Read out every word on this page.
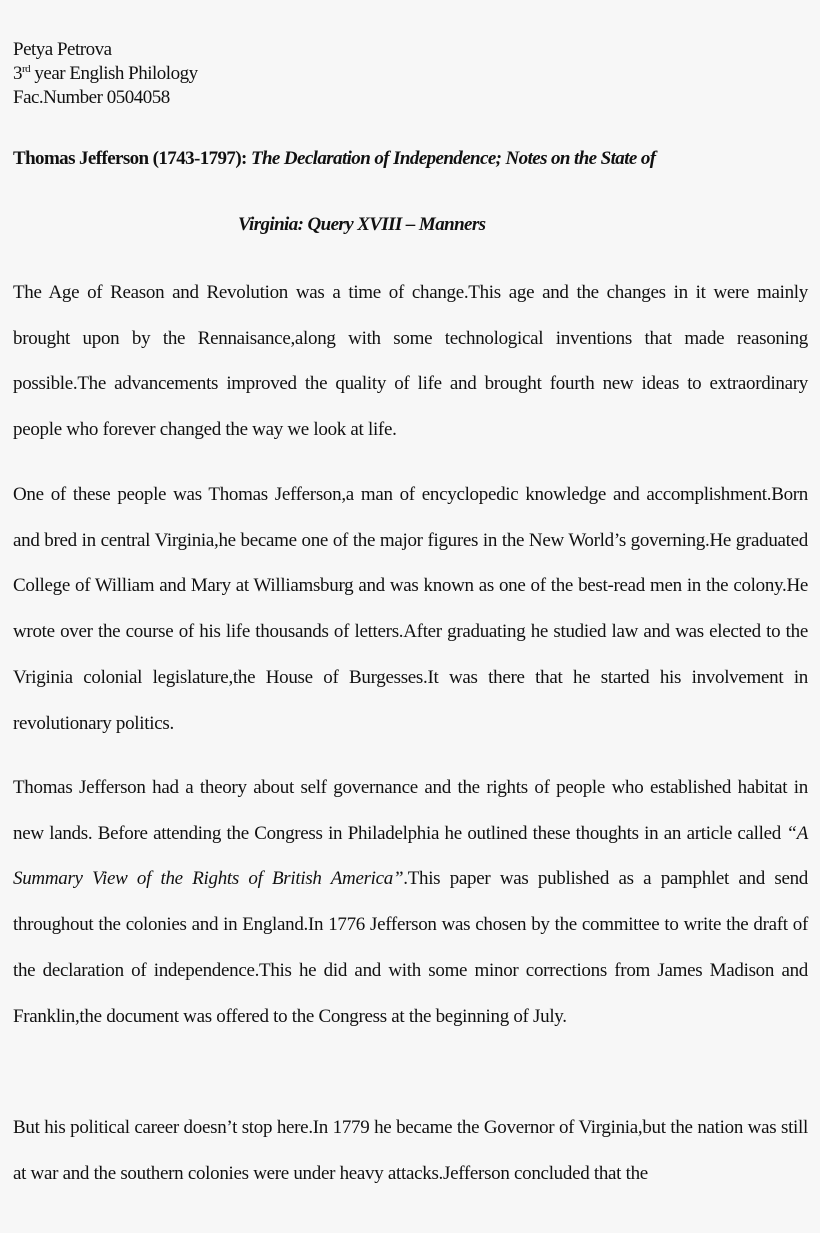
Petya Petrova
3rd year English Philology
Fac.Number 0504058
Thomas Jefferson (1743-1797): The Declaration of Independence; Notes on the State of
Virginia: Query XVIII – Manners

The Age of Reason and Revolution was a time of change.This age and the changes in it were mainly brought upon by the Rennaisance,along with some technological inventions that made reasoning possible.The advancements improved the quality of life and brought fourth new ideas to extraordinary people who forever changed the way we look at life.

One of these people was Thomas Jefferson,a man of encyclopedic knowledge and accomplishment.Born and bred in central Virginia,he became one of the major figures in the New World’s governing.He graduated College of William and Mary at Williamsburg and was known as one of the best-read men in the colony.He wrote over the course of his life thousands of letters.After graduating he studied law and was elected to the Vriginia colonial legislature,the House of Burgesses.It was there that he started his involvement in revolutionary politics.

Thomas Jefferson had a theory about self governance and the rights of people who established habitat in new lands. Before attending the Congress in Philadelphia he outlined these thoughts in an article called “A Summary View of the Rights of British America”.This paper was published as a pamphlet and send throughout the colonies and in England.In 1776 Jefferson was chosen by the committee to write the draft of the declaration of independence.This he did and with some minor corrections from James Madison and Franklin,the document was offered to the Congress at the beginning of July.

But his political career doesn’t stop here.In 1779 he became the Governor of Virginia,but the nation was still at war and the southern colonies were under heavy attacks.Jefferson concluded that the
